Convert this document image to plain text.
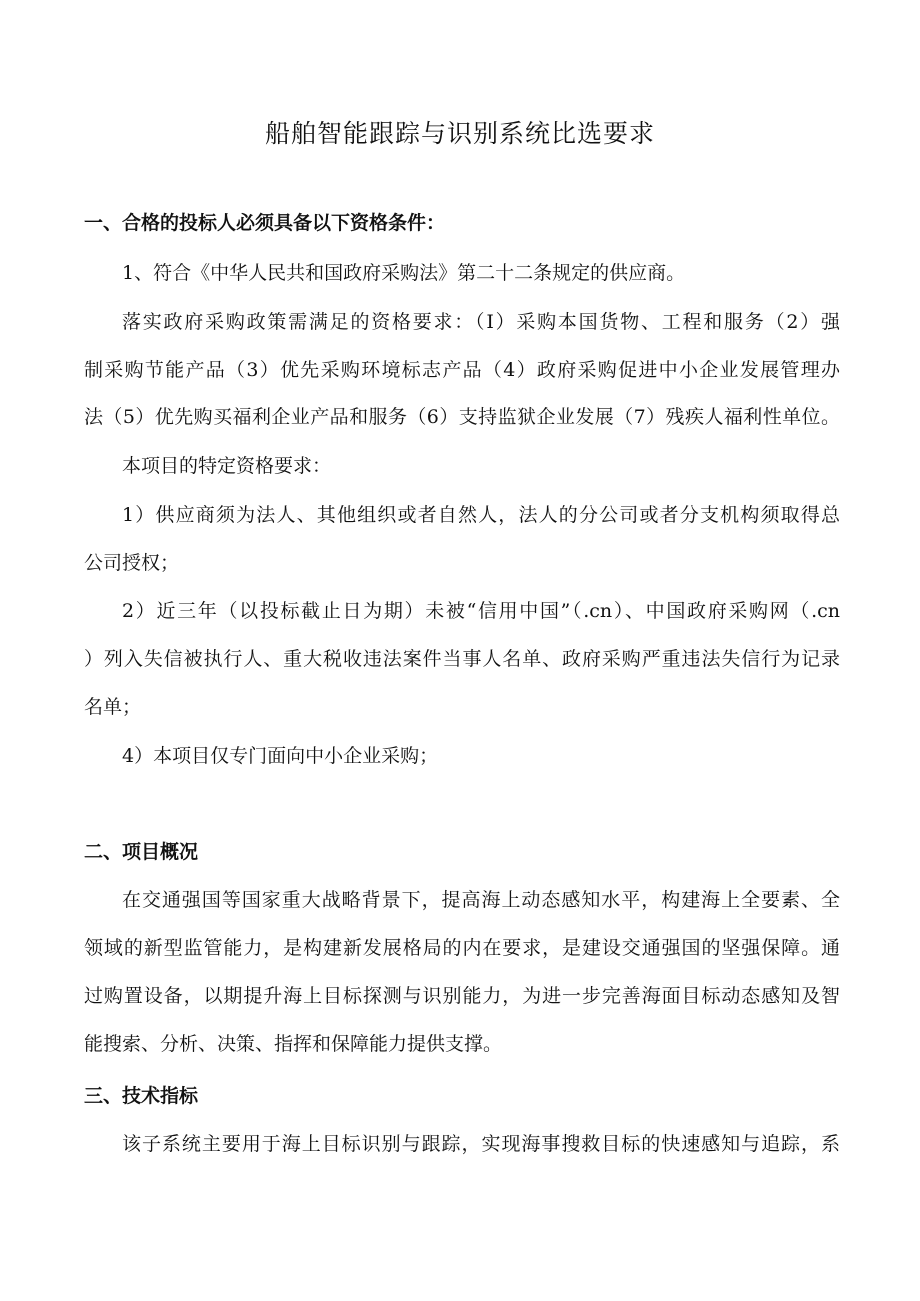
船舶智能跟踪与识别系统比选要求
一、合格的投标人必须具备以下资格条件：
1、符合《中华人民共和国政府采购法》第二十二条规定的供应商。
落实政府采购政策需满足的资格要求：（I）采购本国货物、工程和服务（2）强
制采购节能产品（3）优先采购环境标志产品（4）政府采购促进中小企业发展管理办
法（5）优先购买福利企业产品和服务（6）支持监狱企业发展（7）残疾人福利性单位。
本项目的特定资格要求：
1）供应商须为法人、其他组织或者自然人，法人的分公司或者分支机构须取得总
公司授权；
2）近三年（以投标截止日为期）未被“信用中国”（.cn）、中国政府采购网（.cn
）列入失信被执行人、重大税收违法案件当事人名单、政府采购严重违法失信行为记录
名单；
4）本项目仅专门面向中小企业采购；
二、项目概况
在交通强国等国家重大战略背景下，提高海上动态感知水平，构建海上全要素、全
领域的新型监管能力，是构建新发展格局的内在要求，是建设交通强国的坚强保障。通
过购置设备，以期提升海上目标探测与识别能力，为进一步完善海面目标动态感知及智
能搜索、分析、决策、指挥和保障能力提供支撑。
三、技术指标
该子系统主要用于海上目标识别与跟踪，实现海事搜救目标的快速感知与追踪，系
